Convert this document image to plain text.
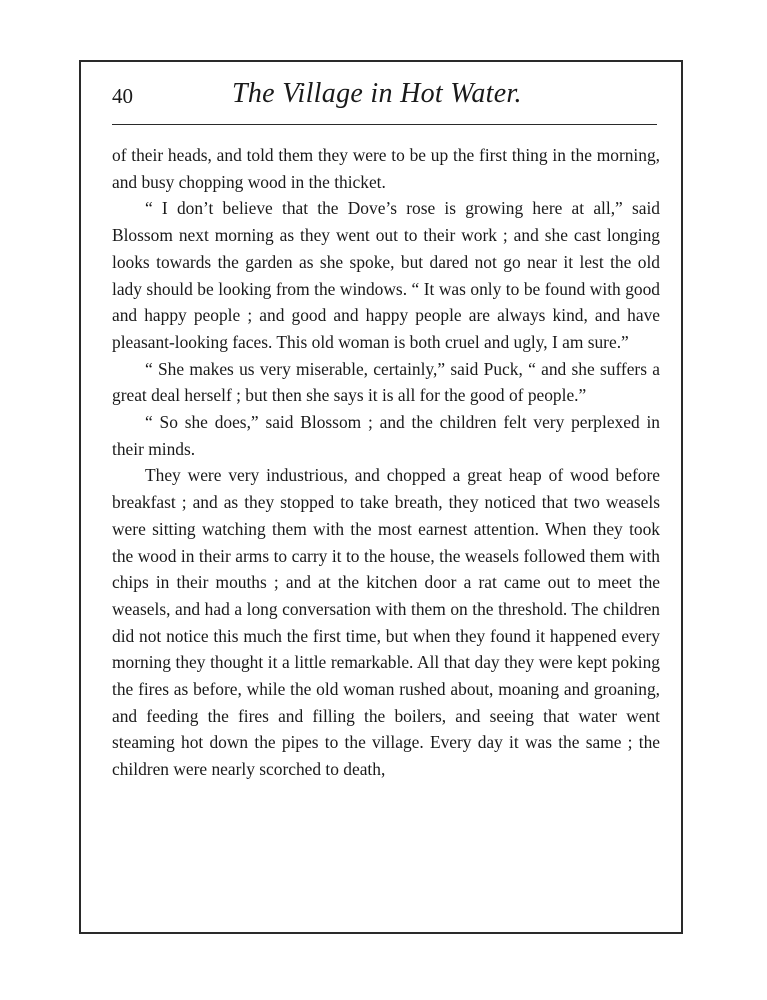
40	The Village in Hot Water.

of their heads, and told them they were to be up the first thing in the morning, and busy chopping wood in the thicket.

“ I don’t believe that the Dove’s rose is growing here at all,” said Blossom next morning as they went out to their work ; and she cast longing looks towards the garden as she spoke, but dared not go near it lest the old lady should be looking from the windows. “ It was only to be found with good and happy people ; and good and happy people are always kind, and have pleasant-looking faces. This old woman is both cruel and ugly, I am sure.”

“ She makes us very miserable, certainly,” said Puck, “ and she suffers a great deal herself ; but then she says it is all for the good of people.”

“ So she does,” said Blossom ; and the children felt very perplexed in their minds.

They were very industrious, and chopped a great heap of wood before breakfast ; and as they stopped to take breath, they noticed that two weasels were sitting watching them with the most earnest attention. When they took the wood in their arms to carry it to the house, the weasels followed them with chips in their mouths ; and at the kitchen door a rat came out to meet the weasels, and had a long conversation with them on the threshold. The children did not notice this much the first time, but when they found it happened every morning they thought it a little remarkable. All that day they were kept poking the fires as before, while the old woman rushed about, moaning and groaning, and feeding the fires and filling the boilers, and seeing that water went steaming hot down the pipes to the village. Every day it was the same ; the children were nearly scorched to death,
